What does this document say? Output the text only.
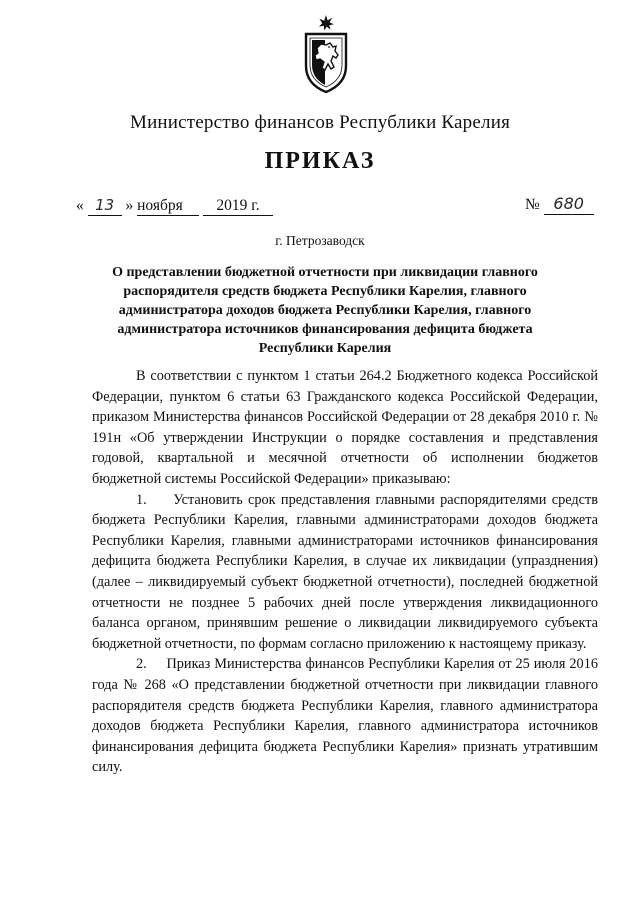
Министерство финансов Республики Карелия
ПРИКАЗ
« 13 » ноября 2019 г.	№ 680
г. Петрозаводск
О представлении бюджетной отчетности при ликвидации главного распорядителя средств бюджета Республики Карелия, главного администратора доходов бюджета Республики Карелия, главного администратора источников финансирования дефицита бюджета Республики Карелия

В соответствии с пунктом 1 статьи 264.2 Бюджетного кодекса Российской Федерации, пунктом 6 статьи 63 Гражданского кодекса Российской Федерации, приказом Министерства финансов Российской Федерации от 28 декабря 2010 г. № 191н «Об утверждении Инструкции о порядке составления и представления годовой, квартальной и месячной отчетности об исполнении бюджетов бюджетной системы Российской Федерации» приказываю:

1.     Установить срок представления главными распорядителями средств бюджета Республики Карелия, главными администраторами доходов бюджета Республики Карелия, главными администраторами источников финансирования дефицита бюджета Республики Карелия, в случае их ликвидации (упразднения) (далее – ликвидируемый субъект бюджетной отчетности), последней бюджетной отчетности не позднее 5 рабочих дней после утверждения ликвидационного баланса органом, принявшим решение о ликвидации ликвидируемого субъекта бюджетной отчетности, по формам согласно приложению к настоящему приказу.

2.     Приказ Министерства финансов Республики Карелия от 25 июля 2016 года № 268 «О представлении бюджетной отчетности при ликвидации главного распорядителя средств бюджета Республики Карелия, главного администратора доходов бюджета Республики Карелия, главного администратора источников финансирования дефицита бюджета Республики Карелия» признать утратившим силу.
